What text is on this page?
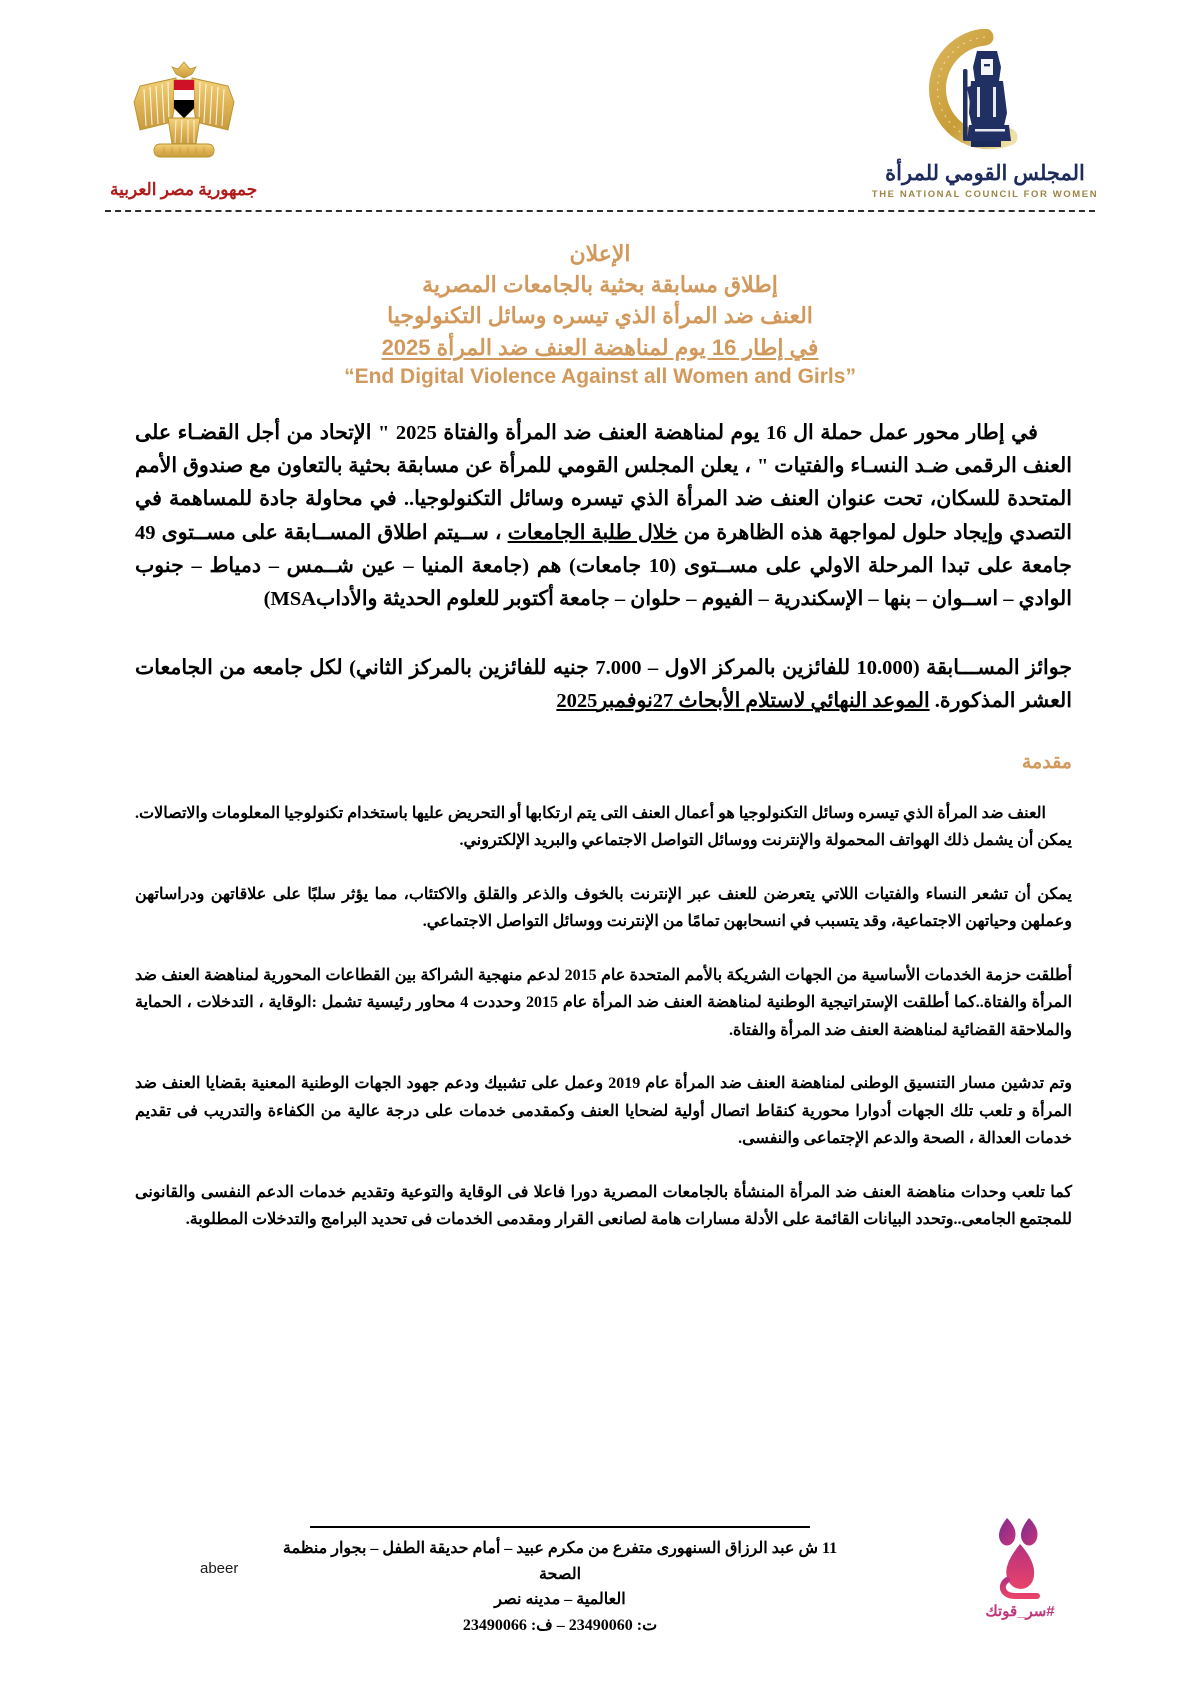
جمهورية مصر العربية
المجلس القومي للمرأة
THE NATIONAL COUNCIL FOR WOMEN
الإعلان
إطلاق مسابقة بحثية بالجامعات المصرية
العنف ضد المرأة الذي تيسره وسائل التكنولوجيا
في إطار 16 يوم لمناهضة العنف ضد المرأة 2025
“End Digital Violence Against all Women and Girls”

في إطار محور عمل حملة ال 16 يوم لمناهضة العنف ضد المرأة والفتاة 2025 " الإتحاد من أجل القضـاء على العنف الرقمى ضـد النسـاء والفتيات " ، يعلن المجلس القومي للمرأة عن مسابقة بحثية بالتعاون مع صندوق الأمم المتحدة للسكان، تحت عنوان العنف ضد المرأة الذي تيسره وسائل التكنولوجيا.. في محاولة جادة للمساهمة في التصدي وإيجاد حلول لمواجهة هذه الظاهرة من خلال طلبة الجامعات ، ســيتم اطلاق المســابقة على مســتوى 49 جامعة على تبدا المرحلة الاولي على مســتوى (10 جامعات) هم (جامعة المنيا – عين شــمس – دمياط – جنوب الوادي – اســوان – بنها – الإسكندرية – الفيوم – حلوان – جامعة أكتوبر للعلوم الحديثة والأدابMSA)

جوائز المســـابقة (10.000 للفائزين بالمركز الاول – 7.000 جنيه للفائزين بالمركز الثاني) لكل جامعه من الجامعات العشر المذكورة. الموعد النهائي لاستلام الأبحاث 27نوفمبر2025

مقدمة

العنف ضد المرأة الذي تيسره وسائل التكنولوجيا هو أعمال العنف التى يتم ارتكابها أو التحريض عليها باستخدام تكنولوجيا المعلومات والاتصالات. يمكن أن يشمل ذلك الهواتف المحمولة والإنترنت ووسائل التواصل الاجتماعي والبريد الإلكتروني.

يمكن أن تشعر النساء والفتيات اللاتي يتعرضن للعنف عبر الإنترنت بالخوف والذعر والقلق والاكتئاب، مما يؤثر سلبًا على علاقاتهن ودراساتهن وعملهن وحياتهن الاجتماعية، وقد يتسبب في انسحابهن تمامًا من الإنترنت ووسائل التواصل الاجتماعي.

أطلقت حزمة الخدمات الأساسية من الجهات الشريكة بالأمم المتحدة عام 2015 لدعم منهجية الشراكة بين القطاعات المحورية لمناهضة العنف ضد المرأة والفتاة..كما أطلقت الإستراتيجية الوطنية لمناهضة العنف ضد المرأة عام 2015 وحددت 4 محاور رئيسية تشمل :الوقاية ، التدخلات ، الحماية والملاحقة القضائية لمناهضة العنف ضد المرأة والفتاة.

وتم تدشين مسار التنسيق الوطنى لمناهضة العنف ضد المرأة عام 2019 وعمل على تشبيك ودعم جهود الجهات الوطنية المعنية بقضايا العنف ضد المرأة و تلعب تلك الجهات أدوارا محورية كنقاط اتصال أولية لضحايا العنف وكمقدمى خدمات على درجة عالية من الكفاءة والتدريب فى تقديم خدمات العدالة ، الصحة والدعم الإجتماعى والنفسى.

كما تلعب وحدات مناهضة العنف ضد المرأة المنشأة بالجامعات المصرية دورا فاعلا فى الوقاية والتوعية وتقديم خدمات الدعم النفسى والقانونى للمجتمع الجامعى..وتحدد البيانات القائمة على الأدلة مسارات هامة لصانعى القرار ومقدمى الخدمات فى تحديد البرامج والتدخلات المطلوبة.

11 ش عبد الرزاق السنهورى متفرع من مكرم عبيد – أمام حديقة الطفل – بجوار منظمة الصحة
العالمية – مدينه نصر
ت: 23490060 – ف: 23490066
abeer
#سر_قوتك
